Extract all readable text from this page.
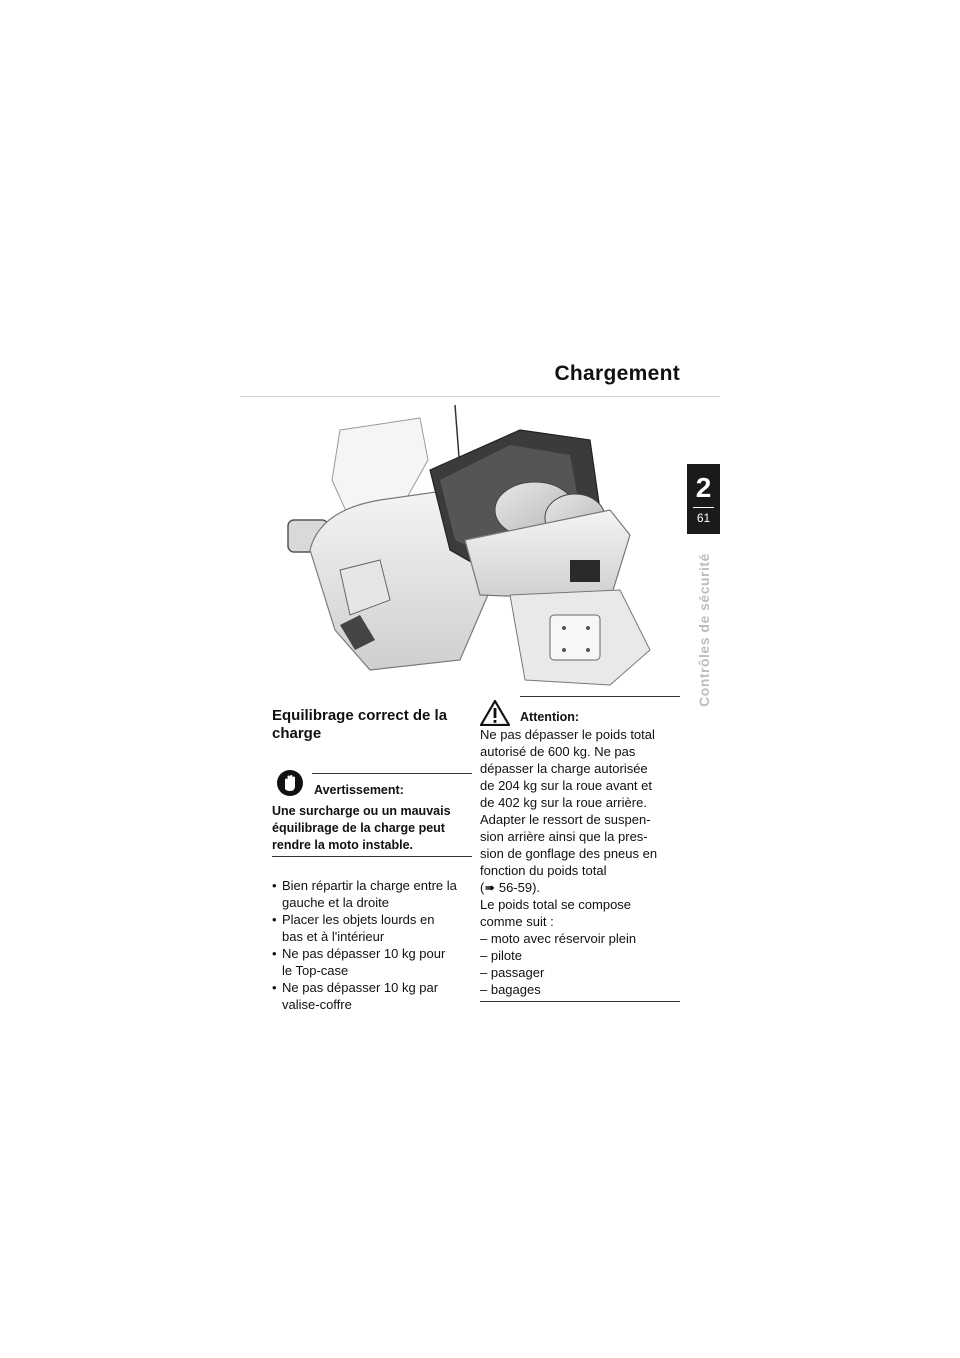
Chargement
2
61
Contrôles de sécurité
Equilibrage correct de la
charge
Avertissement:
Une surcharge ou un mauvais
équilibrage de la charge peut
rendre la moto instable.
• Bien répartir la charge entre la
gauche et la droite
• Placer les objets lourds en
bas et à l'intérieur
• Ne pas dépasser 10 kg pour
le Top-case
• Ne pas dépasser 10 kg par
valise-coffre
Attention:
Ne pas dépasser le poids total
autorisé de 600 kg. Ne pas
dépasser la charge autorisée
de 204 kg sur la roue avant et
de 402 kg sur la roue arrière.
Adapter le ressort de suspen-
sion arrière ainsi que la pres-
sion de gonflage des pneus en
fonction du poids total
(➠ 56-59).
Le poids total se compose
comme suit :
– moto avec réservoir plein
– pilote
– passager
– bagages
